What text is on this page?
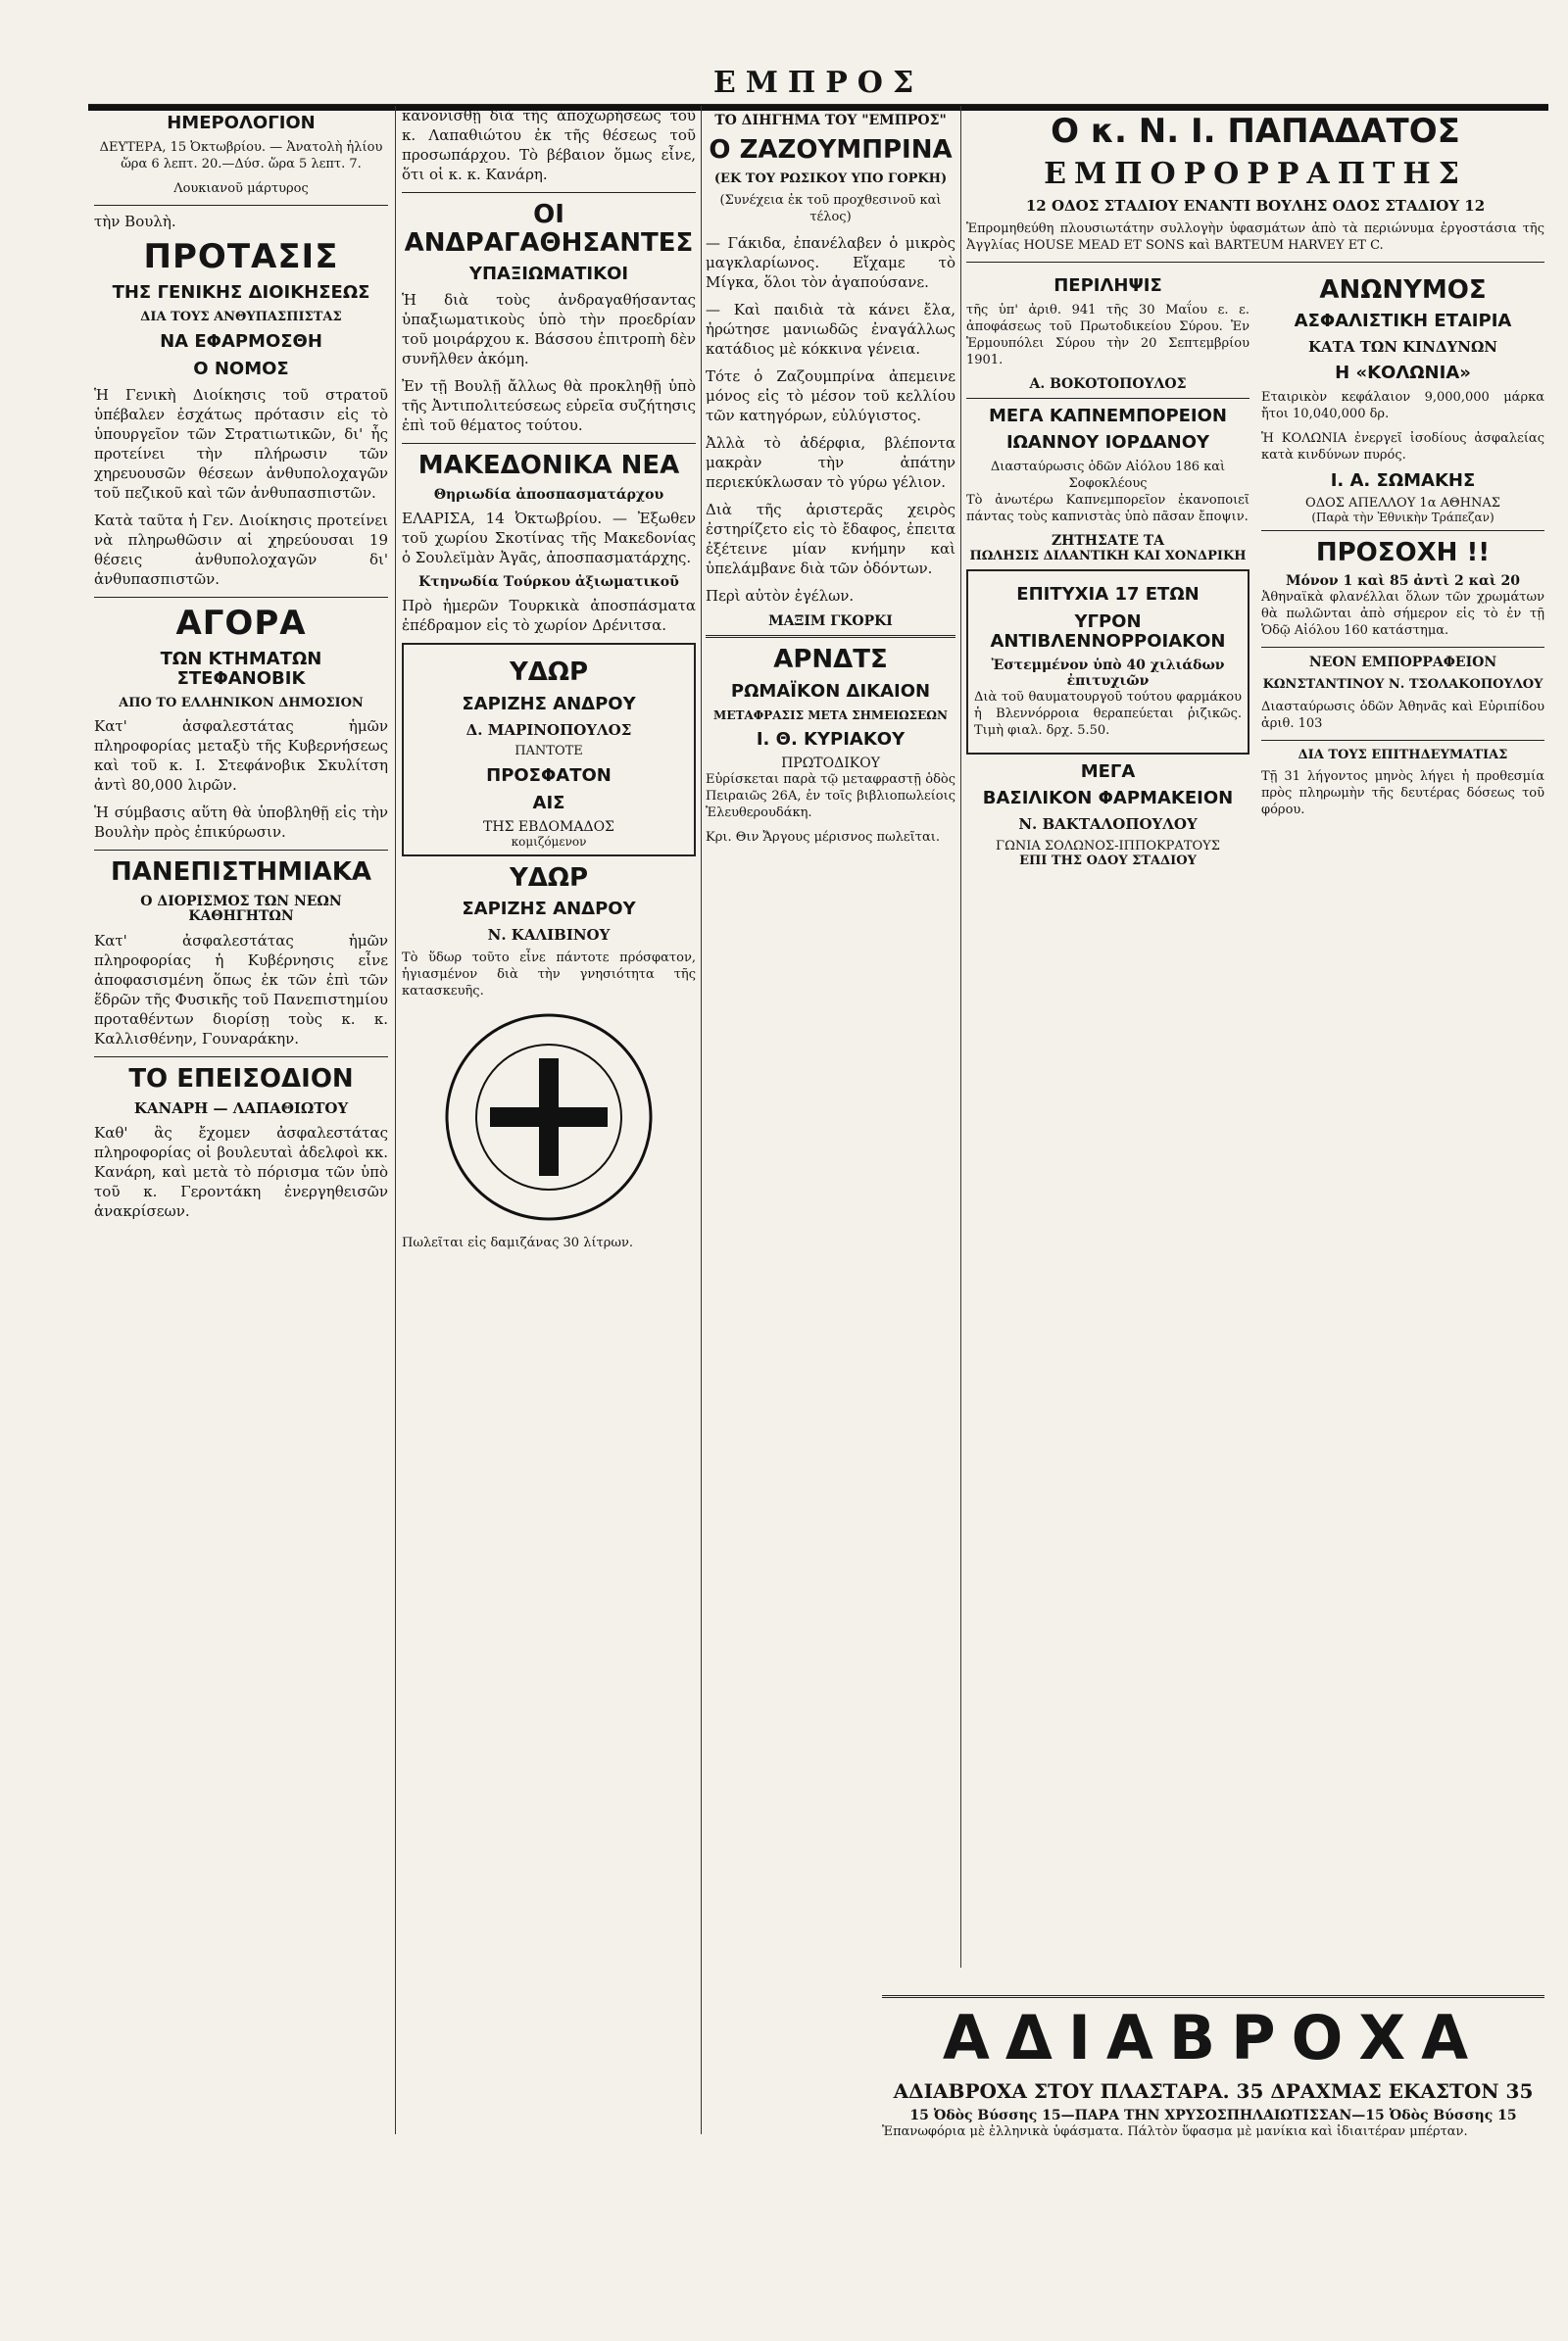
ΕΜΠΡΟΣ
ΗΜΕΡΟΛΟΓΙΟΝ

ΔΕΥΤΕΡΑ, 15 Ὀκτωβρίου. — Ἀνατολὴ ἡλίου ὥρα 6 λεπτ. 20.—Δύσ. ὥρα 5 λεπτ. 7.

Λουκιανοῦ μάρτυρος

τὴν Βουλὴ.

ΠΡΟΤΑΣΙΣ
ΤΗΣ ΓΕΝΙΚΗΣ ΔΙΟΙΚΗΣΕΩΣ
ΔΙΑ ΤΟΥΣ ΑΝΘΥΠΑΣΠΙΣΤΑΣ
ΝΑ ΕΦΑΡΜΟΣΘΗ
Ο ΝΟΜΟΣ

Ἡ Γενικὴ Διοίκησις τοῦ στρατοῦ ὑπέβαλεν ἐσχάτως πρότασιν εἰς τὸ ὑπουργεῖον τῶν Στρατιωτικῶν, δι' ἧς προτείνει τὴν πλήρωσιν τῶν χηρευουσῶν θέσεων ἀνθυπολοχαγῶν τοῦ πεζικοῦ καὶ τῶν ἀνθυπασπιστῶν.

Κατὰ ταῦτα ἡ Γεν. Διοίκησις προτείνει νὰ πληρωθῶσιν αἱ χηρεύουσαι 19 θέσεις ἀνθυπολοχαγῶν δι' ἀνθυπασπιστῶν.

ΑΓΟΡΑ
ΤΩΝ ΚΤΗΜΑΤΩΝ ΣΤΕΦΑΝΟΒΙΚ
ΑΠΟ ΤΟ ΕΛΛΗΝΙΚΟΝ ΔΗΜΟΣΙΟΝ

Κατ' ἀσφαλεστάτας ἡμῶν πληροφορίας μεταξὺ τῆς Κυβερνήσεως καὶ τοῦ κ. Ι. Στεφάνοβικ Σκυλίτση ἀντὶ 80,000 λιρῶν.

Ἡ σύμβασις αὕτη θὰ ὑποβληθῇ εἰς τὴν Βουλὴν πρὸς ἐπικύρωσιν.

ΠΑΝΕΠΙΣΤΗΜΙΑΚΑ
Ο ΔΙΟΡΙΣΜΟΣ ΤΩΝ ΝΕΩΝ ΚΑΘΗΓΗΤΩΝ

Κατ' ἀσφαλεστάτας ἡμῶν πληροφορίας ἡ Κυβέρνησις εἶνε ἀποφασισμένη ὅπως ἐκ τῶν ἐπὶ τῶν ἕδρῶν τῆς Φυσικῆς τοῦ Πανεπιστημίου προταθέντων διορίσῃ τοὺς κ. κ. Καλλισθένην, Γουναράκην.

ΤΟ ΕΠΕΙΣΟΔΙΟΝ
ΚΑΝΑΡΗ — ΛΑΠΑΘΙΩΤΟΥ

Καθ' ἃς ἔχομεν ἀσφαλεστάτας πληροφορίας οἱ βουλευταὶ ἀδελφοὶ κκ. Κανάρη, καὶ μετὰ τὸ πόρισμα τῶν ὑπὸ τοῦ κ. Γεροντάκη ἐνεργηθεισῶν ἀνακρίσεων.

κανονισθῇ διὰ τῆς ἀποχωρήσεως τοῦ κ. Λαπαθιώτου ἐκ τῆς θέσεως τοῦ προσωπάρχου. Τὸ βέβαιον ὅμως εἶνε, ὅτι οἱ κ. κ. Κανάρη.

ΟΙ ΑΝΔΡΑΓΑΘΗΣΑΝΤΕΣ
ΥΠΑΞΙΩΜΑΤΙΚΟΙ

Ἡ διὰ τοὺς ἀνδραγαθήσαντας ὑπαξιωματικοὺς ὑπὸ τὴν προεδρίαν τοῦ μοιράρχου κ. Βάσσου ἐπιτροπὴ δὲν συνῆλθεν ἀκόμη.

Ἐν τῇ Βουλῇ ἄλλως θὰ προκληθῇ ὑπὸ τῆς Ἀντιπολιτεύσεως εὐρεῖα συζήτησις ἐπὶ τοῦ θέματος τούτου.

ΜΑΚΕΔΟΝΙΚΑ ΝΕΑ
Θηριωδία ἀποσπασματάρχου

ΕΛΑΡΙΣΑ, 14 Ὀκτωβρίου. — Ἐξωθεν τοῦ χωρίου Σκοτίνας τῆς Μακεδονίας ὁ Σουλεϊμὰν Ἀγᾶς, ἀποσπασματάρχης.

Κτηνωδία Τούρκου ἀξιωματικοῦ

Πρὸ ἡμερῶν Τουρκικὰ ἀποσπάσματα ἐπέδραμον εἰς τὸ χωρίον Δρένιτσα.

ΥΔΩΡ
ΣΑΡΙΖΗΣ ΑΝΔΡΟΥ
Δ. ΜΑΡΙΝΟΠΟΥΛΟΣ
ΠΑΝΤΟΤΕ
ΠΡΟΣΦΑΤΟΝ
ΑΙΣ
ΤΗΣ ΕΒΔΟΜΑΔΟΣ
κομιζόμενον
ΥΔΩΡ
ΣΑΡΙΖΗΣ ΑΝΔΡΟΥ
Ν. ΚΑΛΙΒΙΝΟΥ

Τὸ ὕδωρ τοῦτο εἶνε πάντοτε πρόσφατον, ἡγιασμένον διὰ τὴν γνησιότητα τῆς κατασκευῆς.

Πωλεῖται εἰς δαμιζάνας 30 λίτρων.

ΤΟ ΔΙΗΓΗΜΑ ΤΟΥ "ΕΜΠΡΟΣ"
Ο ΖΑΖΟΥΜΠΡΙΝΑ
(ΕΚ ΤΟΥ ΡΩΣΙΚΟΥ ΥΠΟ ΓΟΡΚΗ)

(Συνέχεια ἐκ τοῦ προχθεσινοῦ καὶ τέλος)

— Γάκιδα, ἐπανέλαβεν ὁ μικρὸς μαγκλαρίωνος. Εἴχαμε τὸ Μίγκα, ὅλοι τὸν ἀγαπούσανε.

— Καὶ παιδιὰ τὰ κάνει ἔλα, ἠρώτησε μανιωδῶς ἐναγάλλως κατάδιος μὲ κόκκινα γένεια.

Τότε ὁ Ζαζουμπρίνα ἀπεμεινε μόνος εἰς τὸ μέσον τοῦ κελλίου τῶν κατηγόρων, εὐλύγιστος.

Ἀλλὰ τὸ ἀδέρφια, βλέποντα μακρὰν τὴν ἀπάτην περιεκύκλωσαν τὸ γύρω γέλιον.

Διὰ τῆς ἀριστερᾶς χειρὸς ἐστηρίζετο εἰς τὸ ἔδαφος, ἐπειτα ἐξέτεινε μίαν κνήμην καὶ ὑπελάμβανε διὰ τῶν ὀδόντων.

Περὶ αὐτὸν ἐγέλων.

ΜΑΞΙΜ ΓΚΟΡΚΙ
ΑΡΝΔΤΣ
ΡΩΜΑΪΚΟΝ ΔΙΚΑΙΟΝ
ΜΕΤΑΦΡΑΣΙΣ ΜΕΤΑ ΣΗΜΕΙΩΣΕΩΝ
Ι. Θ. ΚΥΡΙΑΚΟΥ
ΠΡΩΤΟΔΙΚΟΥ

Εὑρίσκεται παρὰ τῷ μεταφραστῇ ὁδὸς Πειραιῶς 26Α, ἐν τοῖς βιβλιοπωλείοις Ἐλευθερουδάκη.

Κρι. Θιν Ἄργους μέρισνος πωλεῖται.

Ο κ. Ν. Ι. ΠΑΠΑΔΑΤΟΣ
ΕΜΠΟΡΟΡΡΑΠΤΗΣ
12 ΟΔΟΣ ΣΤΑΔΙΟΥ ΕΝΑΝΤΙ ΒΟΥΛΗΣ ΟΔΟΣ ΣΤΑΔΙΟΥ 12

Ἐπρομηθεύθη πλουσιωτάτην συλλογὴν ὑφασμάτων ἀπὸ τὰ περιώνυμα ἐργοστάσια τῆς Ἀγγλίας HOUSE MEAD ET SONS καὶ BARTEUM HARVEY ET C.

ΠΕΡΙΛΗΨΙΣ

τῆς ὑπ' ἀριθ. 941 τῆς 30 Μαΐου ε. ε. ἀποφάσεως τοῦ Πρωτοδικείου Σύρου. Ἐν Ἑρμουπόλει Σύρου τὴν 20 Σεπτεμβρίου 1901.

Α. ΒΟΚΟΤΟΠΟΥΛΟΣ
ΜΕΓΑ ΚΑΠΝΕΜΠΟΡΕΙΟΝ
ΙΩΑΝΝΟΥ ΙΟΡΔΑΝΟΥ
Διασταύρωσις ὁδῶν Αἰόλου 186 καὶ Σοφοκλέους

Τὸ ἀνωτέρω Καπνεμπορεῖον ἐκανοποιεῖ πάντας τοὺς καπνιστὰς ὑπὸ πᾶσαν ἔποψιν.

ΖΗΤΗΣΑΤΕ ΤΑ
ΠΩΛΗΣΙΣ ΔΙΛΑΝΤΙΚΗ ΚΑΙ ΧΟΝΔΡΙΚΗ
ΕΠΙΤΥΧΙΑ 17 ΕΤΩΝ
ΥΓΡΟΝ ΑΝΤΙΒΛΕΝΝΟΡΡΟΙΑΚΟΝ
Ἐστεμμένον ὑπὸ 40 χιλιάδων ἐπιτυχιῶν

Διὰ τοῦ θαυματουργοῦ τούτου φαρμάκου ἡ Βλεννόρροια θεραπεύεται ῥιζικῶς. Τιμὴ φιαλ. δρχ. 5.50.

ΜΕΓΑ
ΒΑΣΙΛΙΚΟΝ ΦΑΡΜΑΚΕΙΟΝ
Ν. ΒΑΚΤΑΛΟΠΟΥΛΟΥ
ΓΩΝΙΑ ΣΟΛΩΝΟΣ-ΙΠΠΟΚΡΑΤΟΥΣ
ΕΠΙ ΤΗΣ ΟΔΟΥ ΣΤΑΔΙΟΥ
ΑΝΩΝΥΜΟΣ
ΑΣΦΑΛΙΣΤΙΚΗ ΕΤΑΙΡΙΑ
ΚΑΤΑ ΤΩΝ ΚΙΝΔΥΝΩΝ
Η «ΚΟΛΩΝΙΑ»

Εταιρικὸν κεφάλαιον 9,000,000 μάρκα ἤτοι 10,040,000 δρ.

Ἡ ΚΟΛΩΝΙΑ ἐνεργεῖ ἰσοδίους ἀσφαλείας κατὰ κινδύνων πυρός.

Ι. Α. ΣΩΜΑΚΗΣ
ΟΔΟΣ ΑΠΕΛΛΟΥ 1α ΑΘΗΝΑΣ
(Παρὰ τὴν Ἐθνικὴν Τράπεζαν)
ΠΡΟΣΟΧΗ !!
Μόνον 1 καὶ 85 ἀντὶ 2 καὶ 20

Ἀθηναϊκὰ φλανέλλαι ὅλων τῶν χρωμάτων θὰ πωλῶνται ἀπὸ σήμερον εἰς τὸ ἐν τῇ Ὁδῷ Αἰόλου 160 κατάστημα.

ΝΕΟΝ ΕΜΠΟΡΡΑΦΕΙΟΝ
ΚΩΝΣΤΑΝΤΙΝΟΥ Ν. ΤΣΟΛΑΚΟΠΟΥΛΟΥ

Διασταύρωσις ὁδῶν Ἀθηνᾶς καὶ Εὐριπίδου ἀριθ. 103

ΔΙΑ ΤΟΥΣ ΕΠΙΤΗΔΕΥΜΑΤΙΑΣ

Τῇ 31 λήγοντος μηνὸς λήγει ἡ προθεσμία πρὸς πληρωμὴν τῆς δευτέρας δόσεως τοῦ φόρου.

ΑΔΙΑΒΡΟΧΑ
ΑΔΙΑΒΡΟΧΑ ΣΤΟΥ ΠΛΑΣΤΑΡΑ. 35 ΔΡΑΧΜΑΣ ΕΚΑΣΤΟΝ 35
15 Ὀδὸς Βύσσης 15—ΠΑΡΑ ΤΗΝ ΧΡΥΣΟΣΠΗΛΑΙΩΤΙΣΣΑΝ—15 Ὀδὸς Βύσσης 15

Ἐπανωφόρια μὲ ἐλληνικὰ ὑφάσματα. Πάλτὸν ὕφασμα μὲ μανίκια καὶ ἰδιαιτέραν μπέρταν.
